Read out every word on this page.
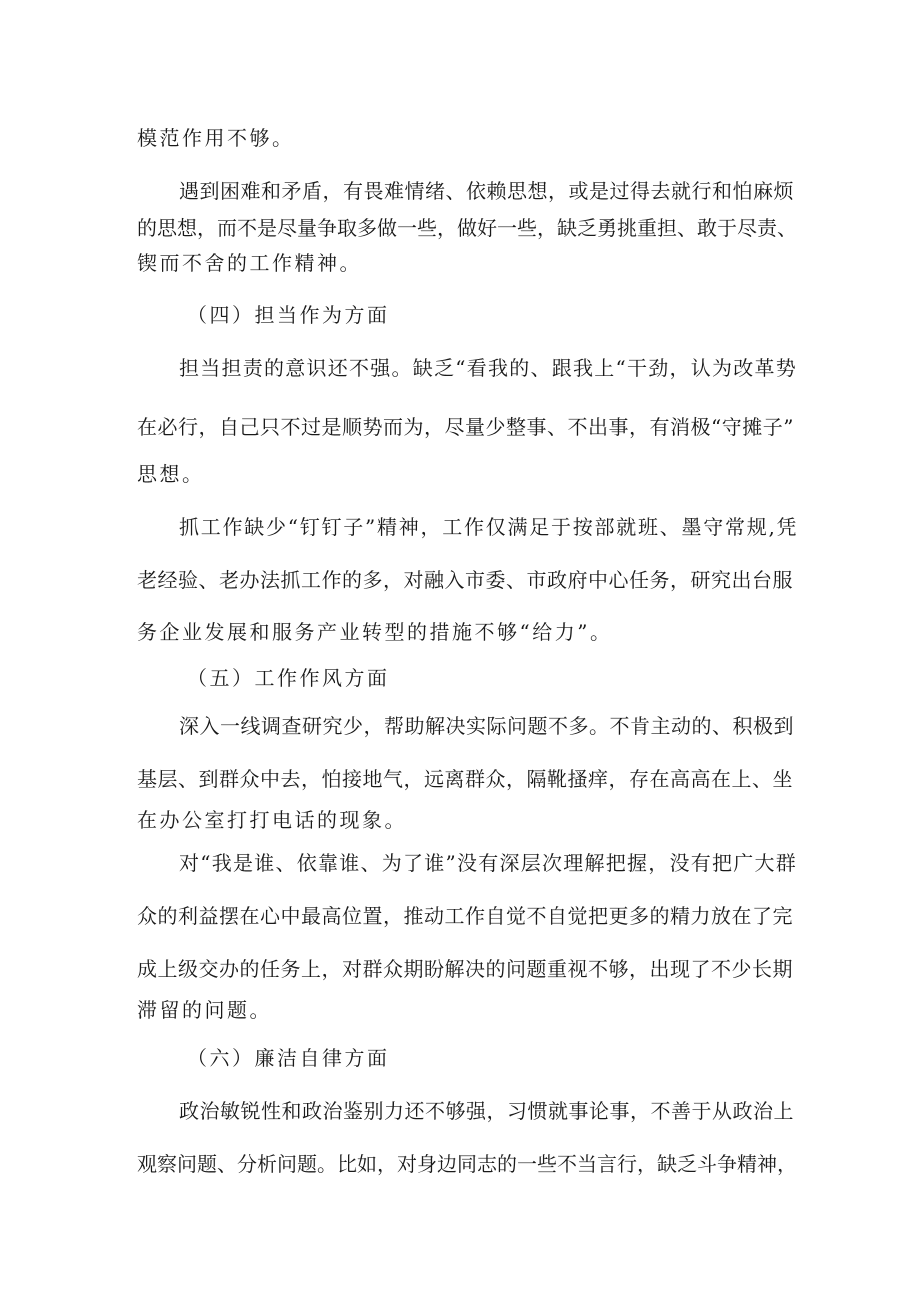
模范作用不够。

遇到困难和矛盾，有畏难情绪、依赖思想，或是过得去就行和怕麻烦

的思想，而不是尽量争取多做一些，做好一些，缺乏勇挑重担、敢于尽责、

锲而不舍的工作精神。

（四）担当作为方面

担当担责的意识还不强。缺乏“看我的、跟我上“干劲，认为改革势

在必行，自己只不过是顺势而为，尽量少整事、不出事，有消极“守摊子”

思想。

抓工作缺少“钉钉子”精神，工作仅满足于按部就班、墨守常规,凭

老经验、老办法抓工作的多，对融入市委、市政府中心任务，研究出台服

务企业发展和服务产业转型的措施不够“给力”。

（五）工作作风方面

深入一线调查研究少，帮助解决实际问题不多。不肯主动的、积极到

基层、到群众中去，怕接地气，远离群众，隔靴搔痒，存在高高在上、坐

在办公室打打电话的现象。

对“我是谁、依靠谁、为了谁”没有深层次理解把握，没有把广大群

众的利益摆在心中最高位置，推动工作自觉不自觉把更多的精力放在了完

成上级交办的任务上，对群众期盼解决的问题重视不够，出现了不少长期

滞留的问题。

（六）廉洁自律方面

政治敏锐性和政治鉴别力还不够强，习惯就事论事，不善于从政治上

观察问题、分析问题。比如，对身边同志的一些不当言行，缺乏斗争精神，
